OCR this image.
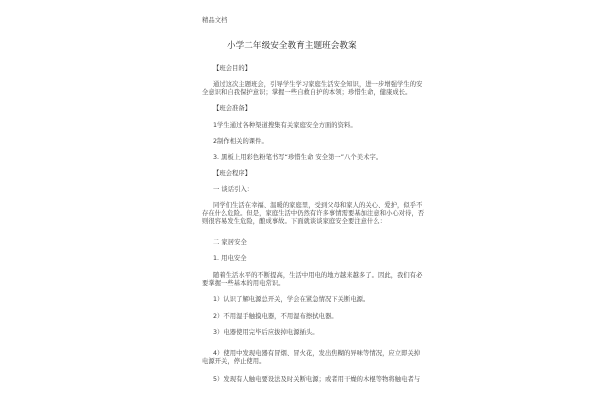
精品文档
小学二年级安全教育主题班会教案
【班会目的】
通过这次主题班会，引导学生学习家庭生活安全知识，进一步增强学生的安
全意识和自我保护意识；掌握一些自救自护的本领；珍惜生命，健康成长。
【班会准备】
1学生通过各种渠道搜集有关家庭安全方面的资料。
2制作相关的课件。
3. 黑板上用彩色粉笔书写“珍惜生命 安全第一”八个美术字。
【班会程序】
一 谈话引入：
同学们生活在幸福、温暖的家庭里，受到父母和家人的关心、爱护，似乎不
存在什么危险。但是，家庭生活中仍然有许多事情需要基加注意和小心对待，否
则很容易发生危险，酿成事故。下面就谈谈家庭安全要注意什么：
二 家居安全
1. 用电安全
随着生活水平的不断提高，生活中用电的地方越来越多了。因此，我们有必
要掌握一些基本的用电常识。
1）认识了解电源总开关，学会在紧急情况下关断电源。
2）不用湿手触摸电器，不用湿布擦拭电器。
3）电器使用完毕后应拔掉电源插头。
4）使用中发现电器有冒烟、冒火花，发出焦糊的异味等情况，应立即关掉
电源开关，停止使用。
5）发现有人触电要设法及时关断电源；或者用干燥的木棍等物将触电者与
